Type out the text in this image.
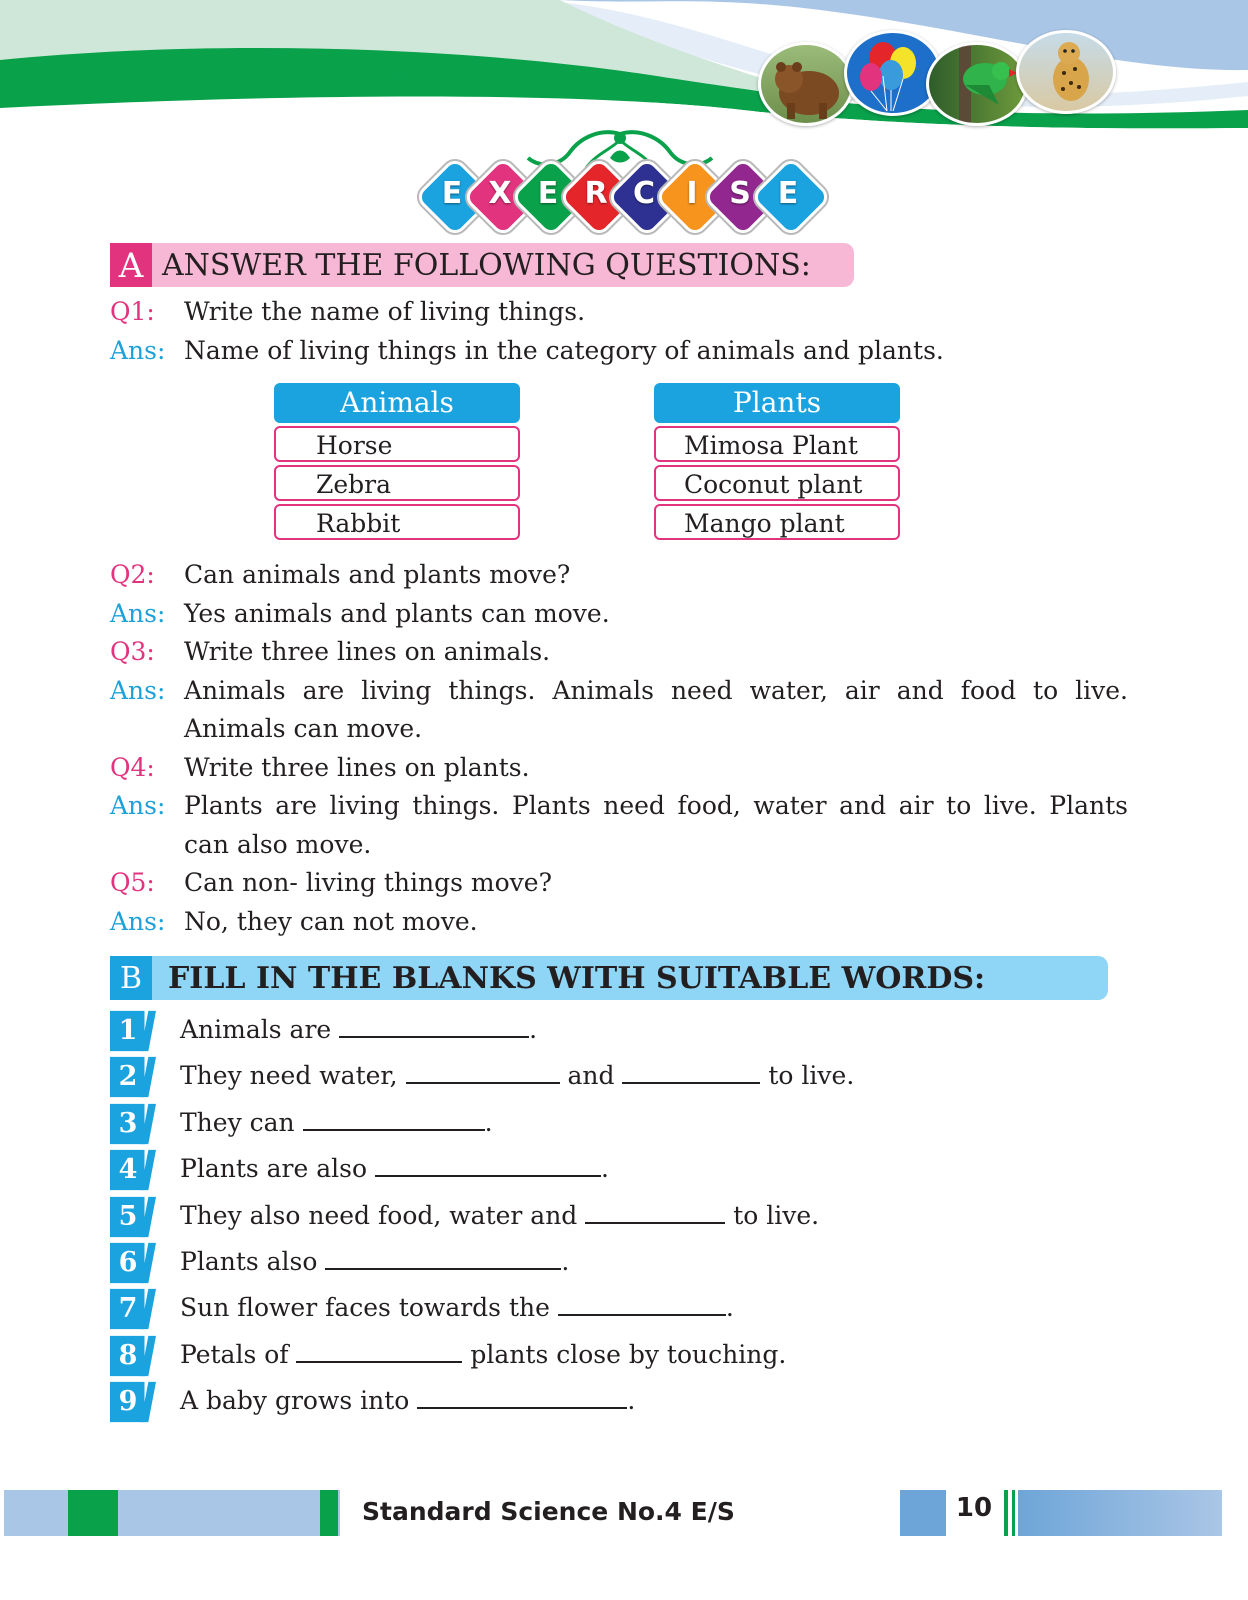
E X E R C	I	S E
A ANSWER THE FOLLOWING QUESTIONS:
Q1: Write the name of living things.
Ans: Name of living things in the category of animals and plants.
Animals
Horse
Zebra
Rabbit
Plants
Mimosa Plant
Coconut plant
Mango plant
Q2: Can animals and plants move?
Ans: Yes animals and plants can move.
Q3: Write three lines on animals.
Ans: Animals are living things. Animals need water, air and food to live.
Animals can move.
Q4: Write three lines on plants.
Ans: Plants are living things. Plants need food, water and air to live. Plants
can also move.
Q5: Can non- living things move?
Ans: No, they can not move.
B FILL IN THE BLANKS WITH SUITABLE WORDS:
1	Animals are	.
2	They need water,	and	to live.
3	They can	.
4	Plants are also	.
5	They also need food, water and	to live.
6	Plants also	.
7	Sun flower faces towards the	.
8	Petals of	plants close by touching.
9	A baby grows into	.
Standard Science No.4 E/S	10
